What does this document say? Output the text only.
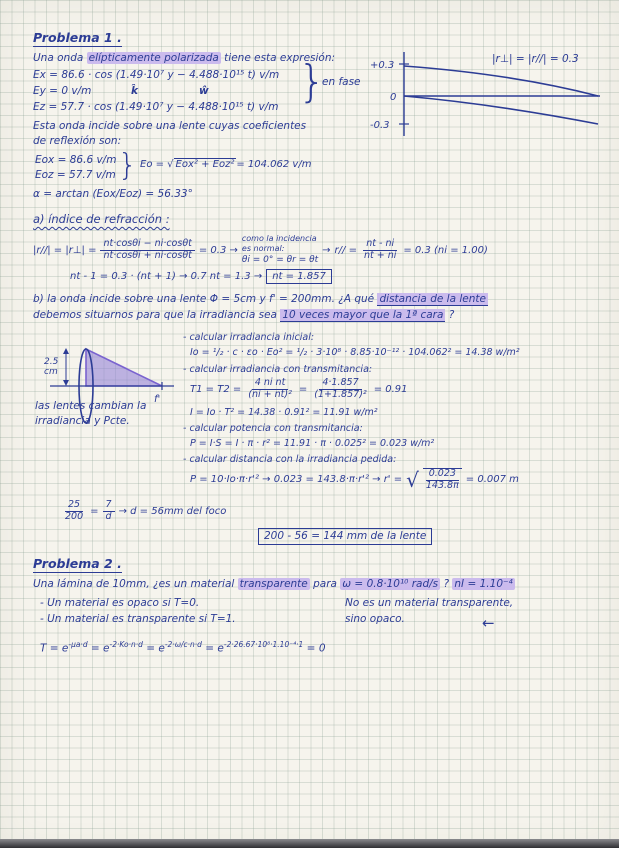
Problema 1 .
Una onda elípticamente polarizada tiene esta expresión:
Ex = 86.6 · cos (1.49·10⁷ y − 4.488·10¹⁵ t) v/m
Ey = 0 v/m	k̂	ŵ }
en fase
Ez = 57.7 · cos (1.49·10⁷ y − 4.488·10¹⁵ t) v/m
Esta onda incide sobre una lente cuyas coeficientes
de reflexión son:
Eox = 86.6 v/m
Eoz = 57.7 v/m } Eo = √ Eox² + Eoz² = 104.062 v/m
α = arctan (Eox/Eoz) = 56.33°
+0.3
0
-0.3
|r⊥| = |r//| = 0.3
a) índice de refracción :
|r//| = |r⊥| = $\frac{nt\cdot\cos\theta i - ni\cdot\cos\theta t}{nt\cdot\cos\theta i + ni\cdot\cos\theta t} = 0.3$ →
como la incidencia
es normal:
θi = 0° = θr = θt
→ $r// = \frac{nt - ni}{nt + ni} = 0.3$ (ni = 1.00)
nt - 1 = 0.3 · (nt + 1) → 0.7 nt = 1.3 →	nt = 1.857
b) la onda incide sobre una lente Φ = 5cm y f' = 200mm. ¿A qué distancia de la lente
debemos situarnos para que la irradiancia sea 10 veces mayor que la 1ª cara ?
2.5
cm
f'
las lentes cambian la
irradiancia y Pcte.
- calcular irradiancia inicial:
Io = ¹/₂ · c · εo · Eo² = ¹/₂ · 3·10⁸ · 8.85·10⁻¹² · 104.062² = 14.38 w/m²
- calcular irradiancia con transmitancia:
$T1 = T2 = \frac{\text{4 ni nt}}{\text{(ni + nt)²}} = \frac{4\cdot 1.857}{\text{(1+1.857)²}} = 0.91$
I = Io · T² = 14.38 · 0.91² = 11.91 w/m²
- calcular potencia con transmitancia:
P = I·S = I · π · r² = 11.91 · π · 0.025² = 0.023 w/m²
- calcular distancia con la irradiancia pedida:
P = 10·Io·π·r'² → 0.023 = 143.8·π·r'² → r' = √ $\frac{0.023}{143.8\pi} = 0.007$ m
$\frac{25}{200} = \frac{7}{d} \to d = 56mm$ del foco
200 - 56 = 144 mm de la lente
Problema 2 .
Una lámina de 10mm, ¿es un material transparente para ω = 0.8·10¹⁰ rad/s ? nI = 1.10⁻⁴
- Un material es opaco si T=0.
- Un material es transparente si T=1.
No es un material transparente,
sino opaco.	←
$T = e^{-\mu a\cdot d} = e^{-2\cdot Ko\cdot n\cdot d} = e^{-2\cdot\omega/c\cdot n\cdot d} = e^{-2\cdot 26.67\cdot 10^8\cdot 1.10^{-4}\cdot 1} = 0$
